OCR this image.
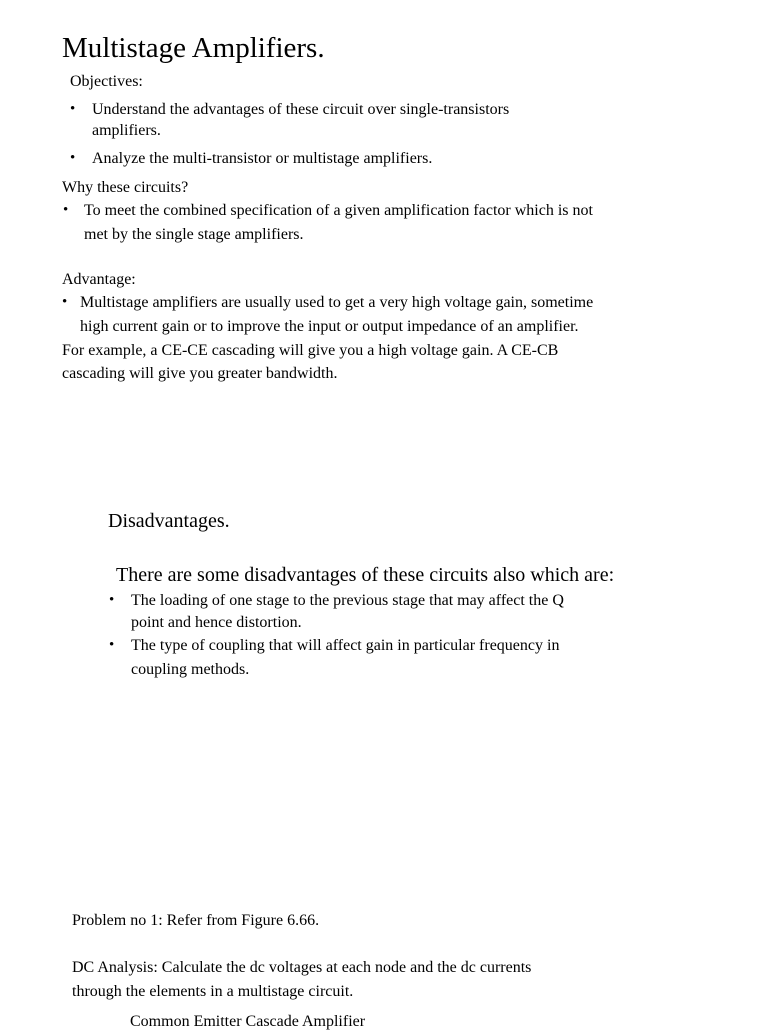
Multistage Amplifiers.
Objectives:
• Understand the advantages of these circuit over single-transistors
amplifiers.
• Analyze the multi-transistor or multistage amplifiers.
Why these circuits?
• To meet the combined specification of a given amplification factor which is not
met by the single stage amplifiers.
Advantage:
• Multistage amplifiers are usually used to get a very high voltage gain, sometime
high current gain or to improve the input or output impedance of an amplifier.
For example, a CE-CE cascading will give you a high voltage gain. A CE-CB
cascading will give you greater bandwidth.
Disadvantages.
There are some disadvantages of these circuits also which are:
• The loading of one stage to the previous stage that may affect the Q
point and hence distortion.
• The type of coupling that will affect gain in particular frequency in
coupling methods.
Problem no 1: Refer from Figure 6.66.
DC Analysis: Calculate the dc voltages at each node and the dc currents
through the elements in a multistage circuit.
Common Emitter Cascade Amplifier
